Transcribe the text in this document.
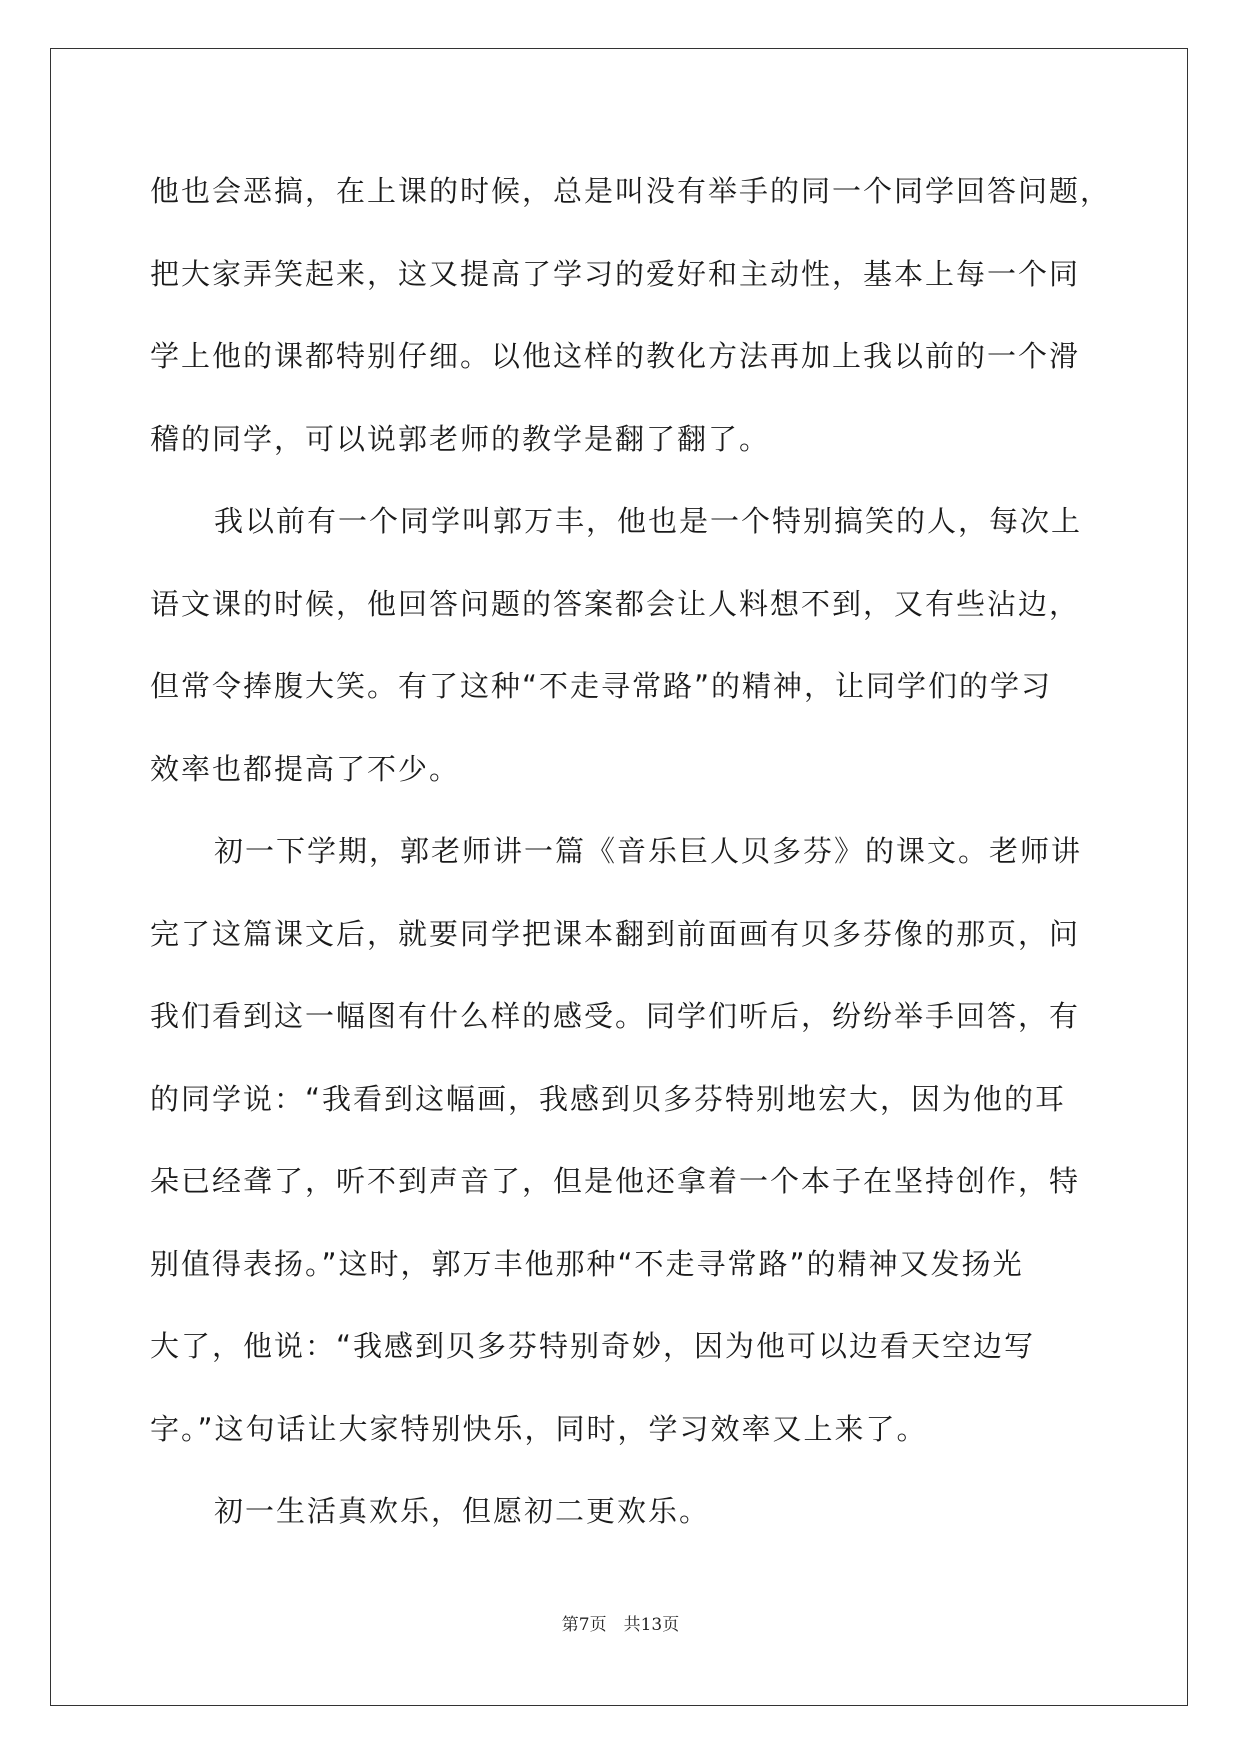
他也会恶搞，在上课的时候，总是叫没有举手的同一个同学回答问题，
把大家弄笑起来，这又提高了学习的爱好和主动性，基本上每一个同
学上他的课都特别仔细。以他这样的教化方法再加上我以前的一个滑
稽的同学，可以说郭老师的教学是翻了翻了。

我以前有一个同学叫郭万丰，他也是一个特别搞笑的人，每次上
语文课的时候，他回答问题的答案都会让人料想不到，又有些沾边，
但常令捧腹大笑。有了这种“不走寻常路”的精神，让同学们的学习
效率也都提高了不少。

初一下学期，郭老师讲一篇《音乐巨人贝多芬》的课文。老师讲
完了这篇课文后，就要同学把课本翻到前面画有贝多芬像的那页，问
我们看到这一幅图有什么样的感受。同学们听后，纷纷举手回答，有
的同学说：“我看到这幅画，我感到贝多芬特别地宏大，因为他的耳
朵已经聋了，听不到声音了，但是他还拿着一个本子在坚持创作，特
别值得表扬。”这时，郭万丰他那种“不走寻常路”的精神又发扬光
大了，他说：“我感到贝多芬特别奇妙，因为他可以边看天空边写
字。”这句话让大家特别快乐，同时，学习效率又上来了。

初一生活真欢乐，但愿初二更欢乐。

第7页　共13页
